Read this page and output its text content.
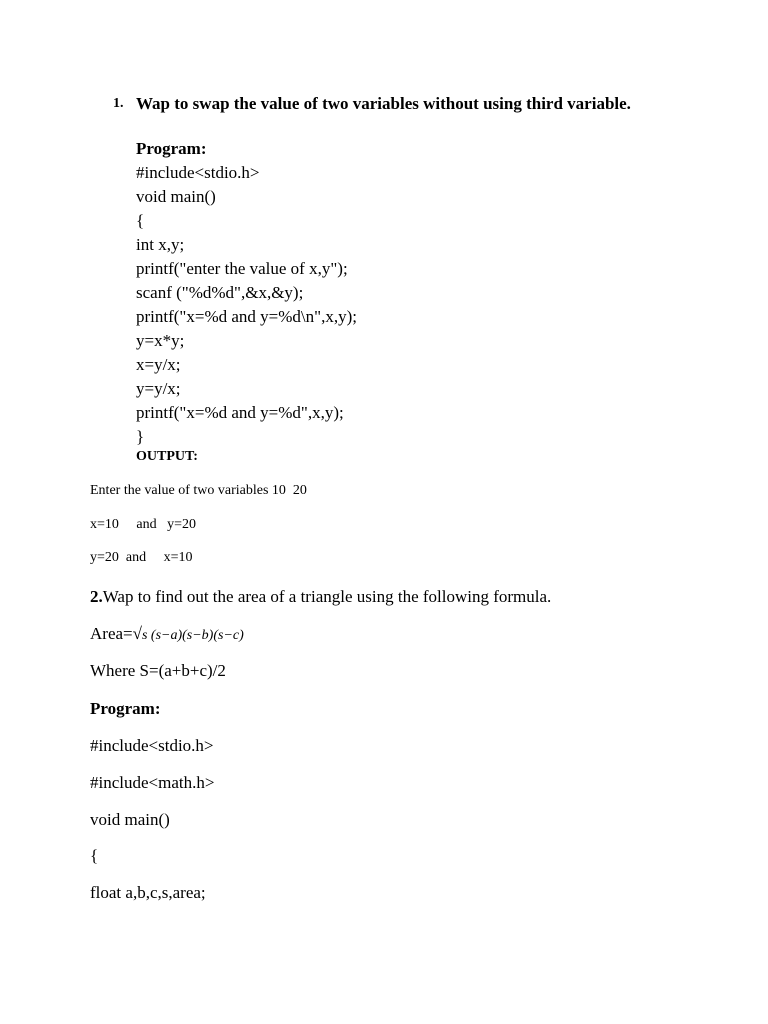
1. Wap to swap the value of two variables without using third variable.
Program:
#include<stdio.h>
void main()
{
int x,y;
printf("enter the value of x,y");
scanf ("%d%d",&x,&y);
printf("x=%d and y=%d\n",x,y);
y=x*y;
x=y/x;
y=y/x;
printf("x=%d and y=%d",x,y);
}
OUTPUT:
Enter the value of two variables 10  20
x=10     and   y=20
y=20  and     x=10
2.Wap to find out the area of a triangle using the following formula.
Area=√s (s−a)(s−b)(s−c)
Where S=(a+b+c)/2
Program:
#include<stdio.h>
#include<math.h>
void main()
{
float a,b,c,s,area;
